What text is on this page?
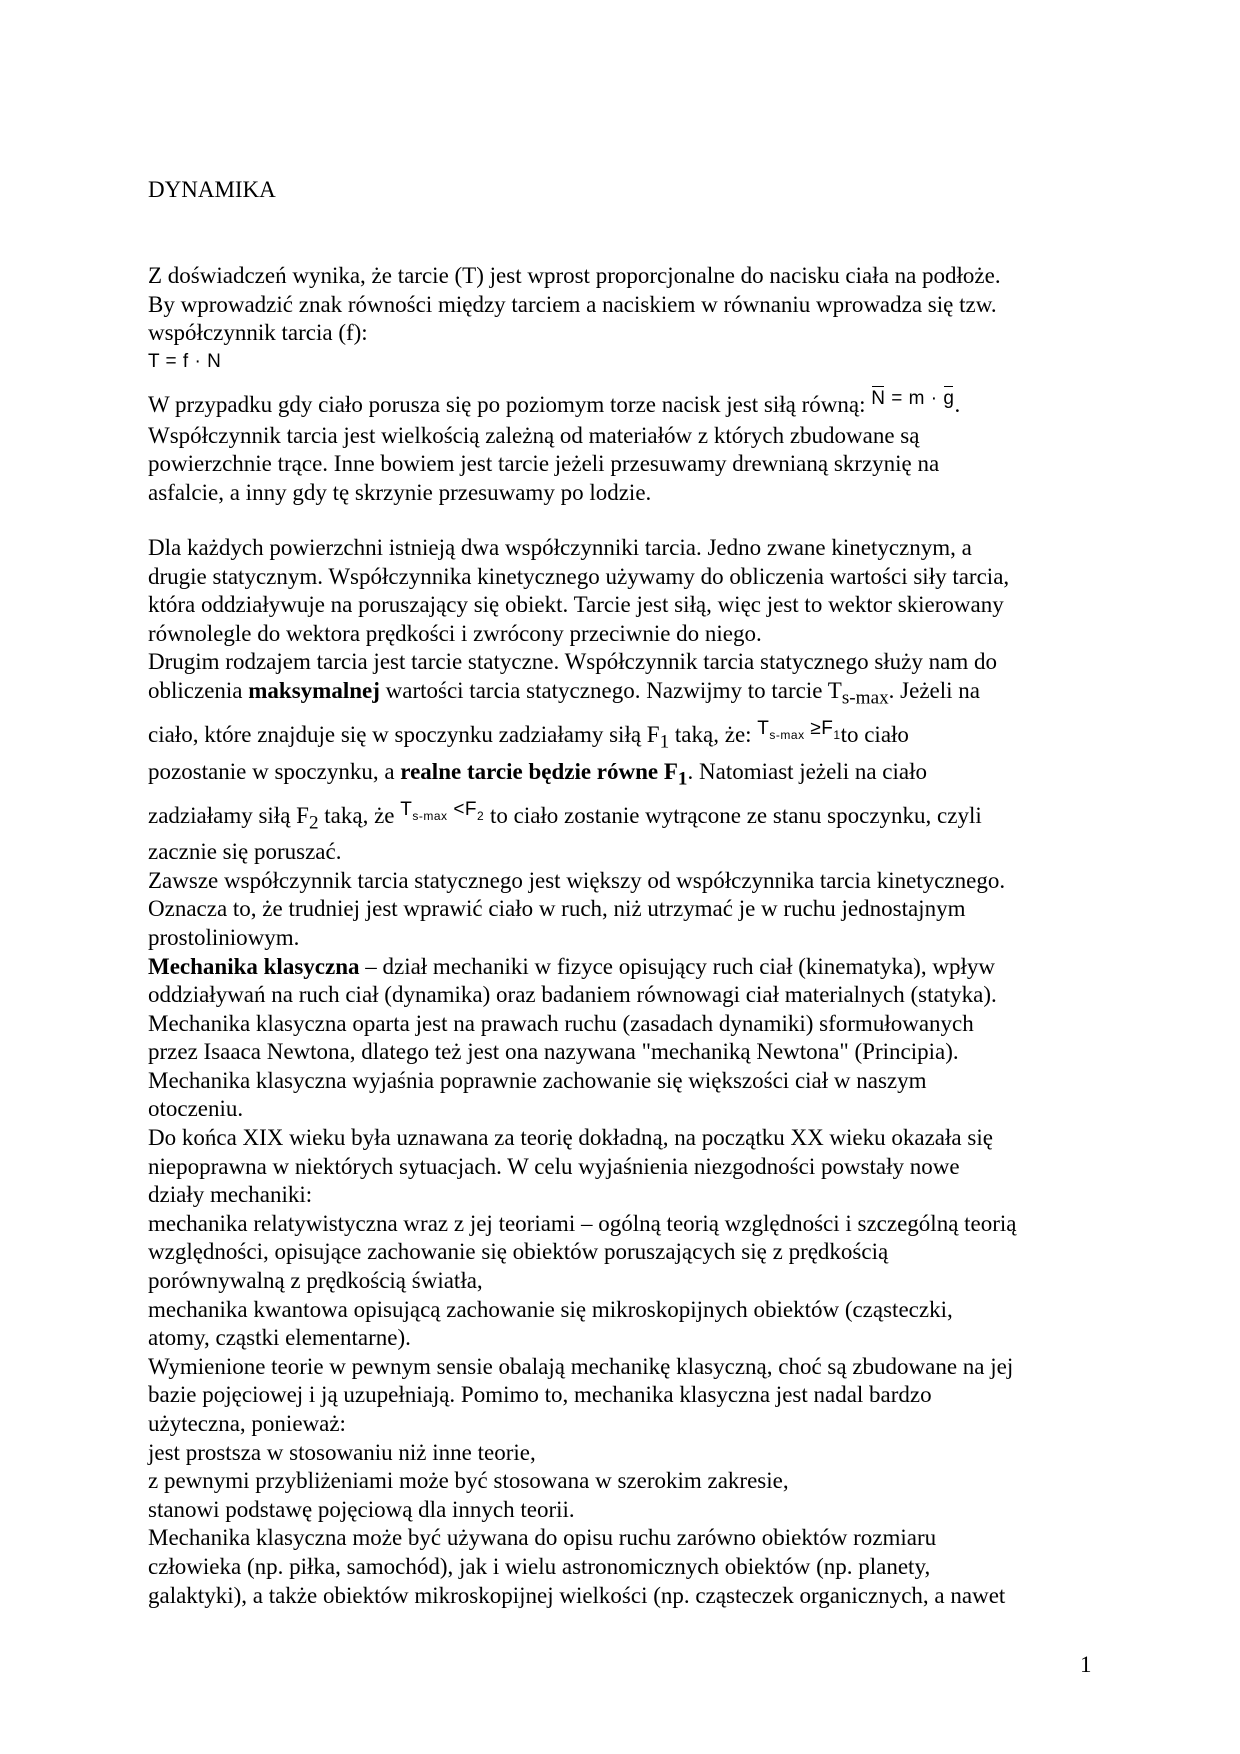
DYNAMIKA

Z doświadczeń wynika, że tarcie (T) jest wprost proporcjonalne do nacisku ciała na podłoże.

By wprowadzić znak równości między tarciem a naciskiem w równaniu wprowadza się tzw.

współczynnik tarcia (f):

T = f · N

W przypadku gdy ciało porusza się po poziomym torze nacisk jest siłą równą: $^{N = m \cdot g}$.

Współczynnik tarcia jest wielkością zależną od materiałów z których zbudowane są

powierzchnie trące. Inne bowiem jest tarcie jeżeli przesuwamy drewnianą skrzynię na

asfalcie, a inny gdy tę skrzynie przesuwamy po lodzie.

Dla każdych powierzchni istnieją dwa współczynniki tarcia. Jedno zwane kinetycznym, a

drugie statycznym. Współczynnika kinetycznego używamy do obliczenia wartości siły tarcia,

która oddziaływuje na poruszający się obiekt. Tarcie jest siłą, więc jest to wektor skierowany

równolegle do wektora prędkości i zwrócony przeciwnie do niego.

Drugim rodzajem tarcia jest tarcie statyczne. Współczynnik tarcia statycznego służy nam do

obliczenia maksymalnej wartości tarcia statycznego. Nazwijmy to tarcie $T_{s-max}$. Jeżeli na

ciało, które znajduje się w spoczynku zadziałamy siłą $F_1$ taką, że: $^{T_{s-max} \ge F_1}$to ciało

pozostanie w spoczynku, a realne tarcie będzie równe $F_1$. Natomiast jeżeli na ciało

zadziałamy siłą $F_2$ taką, że $^{T_{s-max} <F_2}$ to ciało zostanie wytrącone ze stanu spoczynku, czyli

zacznie się poruszać.

Zawsze współczynnik tarcia statycznego jest większy od współczynnika tarcia kinetycznego.

Oznacza to, że trudniej jest wprawić ciało w ruch, niż utrzymać je w ruchu jednostajnym

prostoliniowym.

Mechanika klasyczna – dział mechaniki w fizyce opisujący ruch ciał (kinematyka), wpływ

oddziaływań na ruch ciał (dynamika) oraz badaniem równowagi ciał materialnych (statyka).

Mechanika klasyczna oparta jest na prawach ruchu (zasadach dynamiki) sformułowanych

przez Isaaca Newtona, dlatego też jest ona nazywana "mechaniką Newtona" (Principia).

Mechanika klasyczna wyjaśnia poprawnie zachowanie się większości ciał w naszym

otoczeniu.

Do końca XIX wieku była uznawana za teorię dokładną, na początku XX wieku okazała się

niepoprawna w niektórych sytuacjach. W celu wyjaśnienia niezgodności powstały nowe

działy mechaniki:

mechanika relatywistyczna wraz z jej teoriami – ogólną teorią względności i szczególną teorią

względności, opisujące zachowanie się obiektów poruszających się z prędkością

porównywalną z prędkością światła,

mechanika kwantowa opisującą zachowanie się mikroskopijnych obiektów (cząsteczki,

atomy, cząstki elementarne).

Wymienione teorie w pewnym sensie obalają mechanikę klasyczną, choć są zbudowane na jej

bazie pojęciowej i ją uzupełniają. Pomimo to, mechanika klasyczna jest nadal bardzo

użyteczna, ponieważ:

jest prostsza w stosowaniu niż inne teorie,

z pewnymi przybliżeniami może być stosowana w szerokim zakresie,

stanowi podstawę pojęciową dla innych teorii.

Mechanika klasyczna może być używana do opisu ruchu zarówno obiektów rozmiaru

człowieka (np. piłka, samochód), jak i wielu astronomicznych obiektów (np. planety,

galaktyki), a także obiektów mikroskopijnej wielkości (np. cząsteczek organicznych, a nawet

1
